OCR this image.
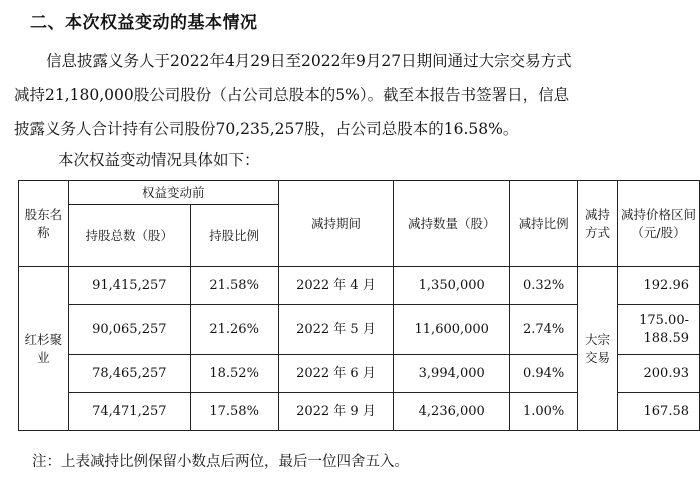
二、本次权益变动的基本情况
信息披露义务人于2022年4月29日至2022年9月27日期间通过大宗交易方式
减持21,180,000股公司股份（占公司总股本的5%）。截至本报告书签署日，信息
披露义务人合计持有公司股份70,235,257股，占公司总股本的16.58%。
本次权益变动情况具体如下：
股东名称	权益变动前		减持期间	减持数量（股）	减持比例	减持方式	减持价格区间（元/股）
	持股总数（股）	持股比例					
红杉聚业	91,415,257	21.58%	2022 年 4 月	1,350,000	0.32%	大宗交易	192.96
	90,065,257	21.26%	2022 年 5 月	11,600,000	2.74%		175.00-188.59
	78,465,257	18.52%	2022 年 6 月	3,994,000	0.94%		200.93
	74,471,257	17.58%	2022 年 9 月	4,236,000	1.00%		167.58
注：上表减持比例保留小数点后两位，最后一位四舍五入。
